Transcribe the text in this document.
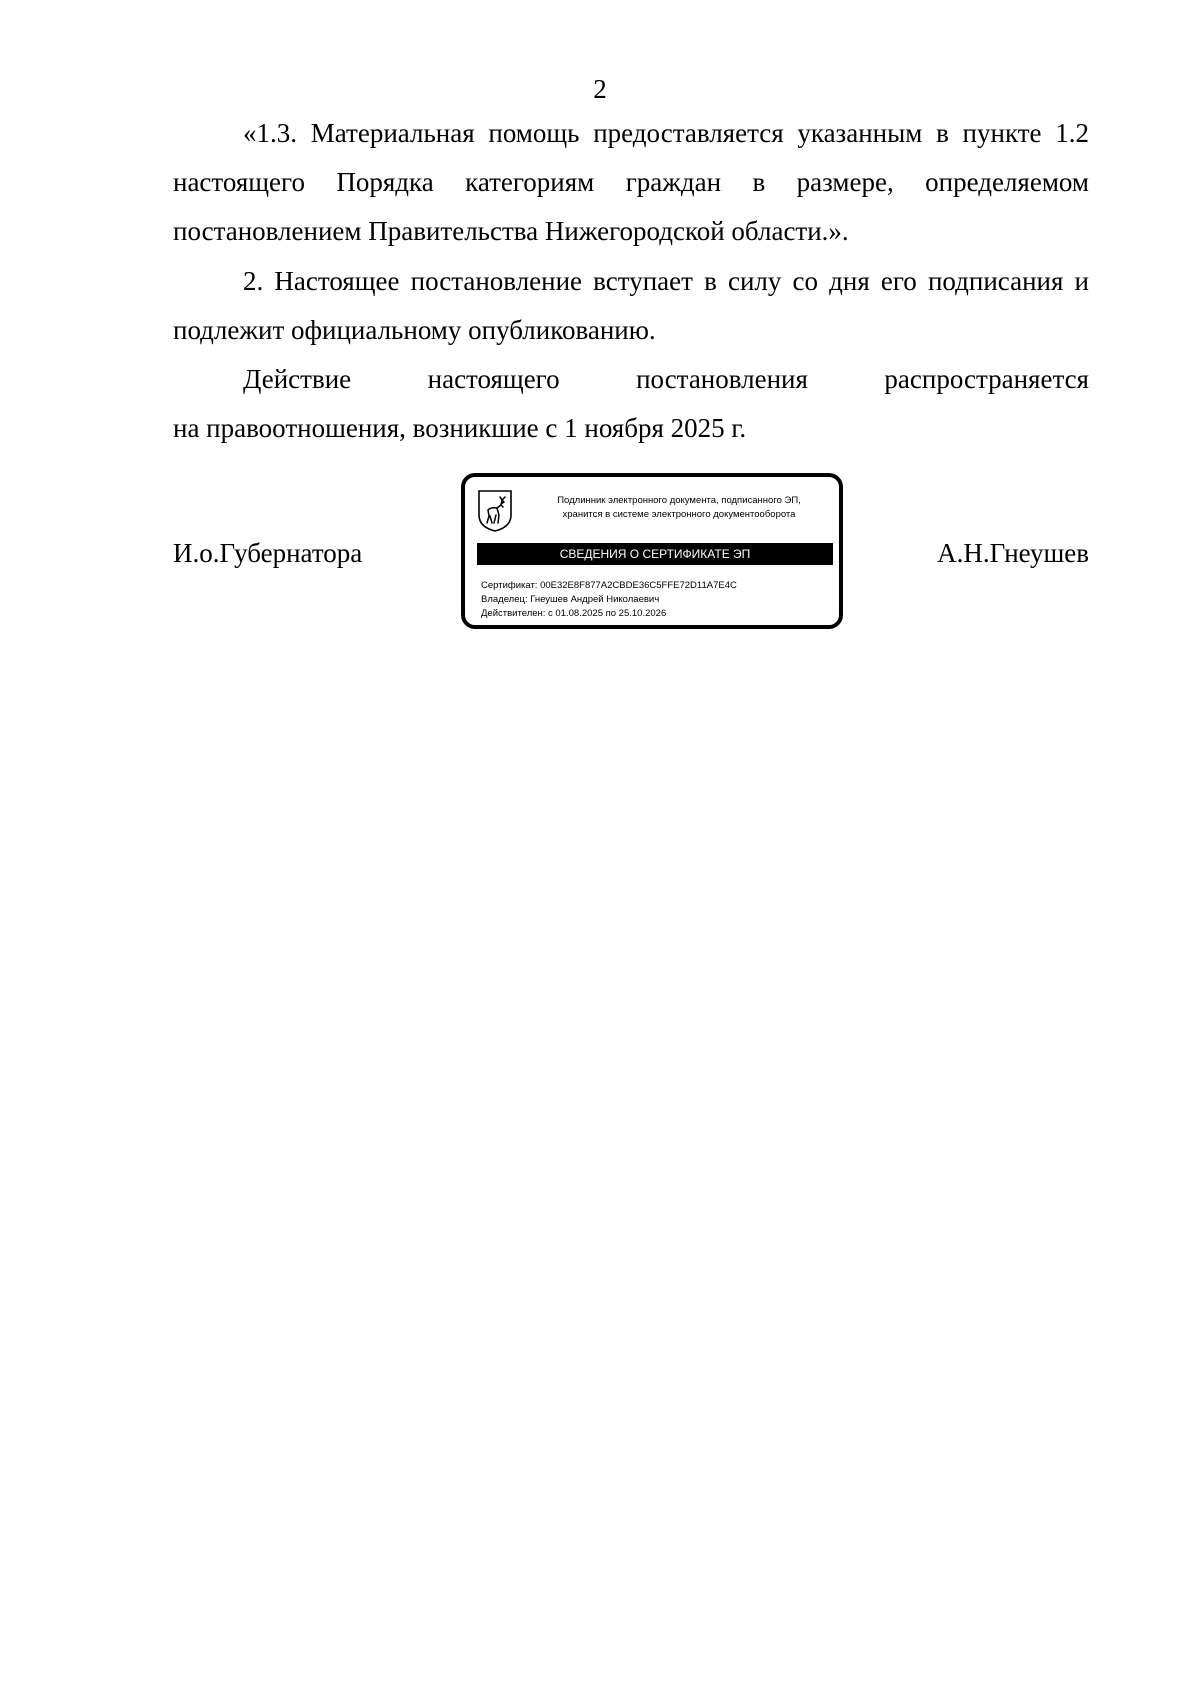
2

«1.3. Материальная помощь предоставляется указанным в пункте 1.2 настоящего Порядка категориям граждан в размере, определяемом постановлением Правительства Нижегородской области.».

2. Настоящее постановление вступает в силу со дня его подписания и подлежит официальному опубликованию.

Действие	настоящего	постановления	распространяется
на правоотношения, возникшие с 1 ноября 2025 г.
И.о.Губернатора	А.Н.Гнеушев
Подлинник электронного документа, подписанного ЭП,
хранится в системе электронного документооборота
СВЕДЕНИЯ О СЕРТИФИКАТЕ ЭП
Сертификат: 00E32E8F877A2CBDE36C5FFE72D11A7E4C
Владелец: Гнеушев Андрей Николаевич
Действителен: с 01.08.2025 по 25.10.2026
